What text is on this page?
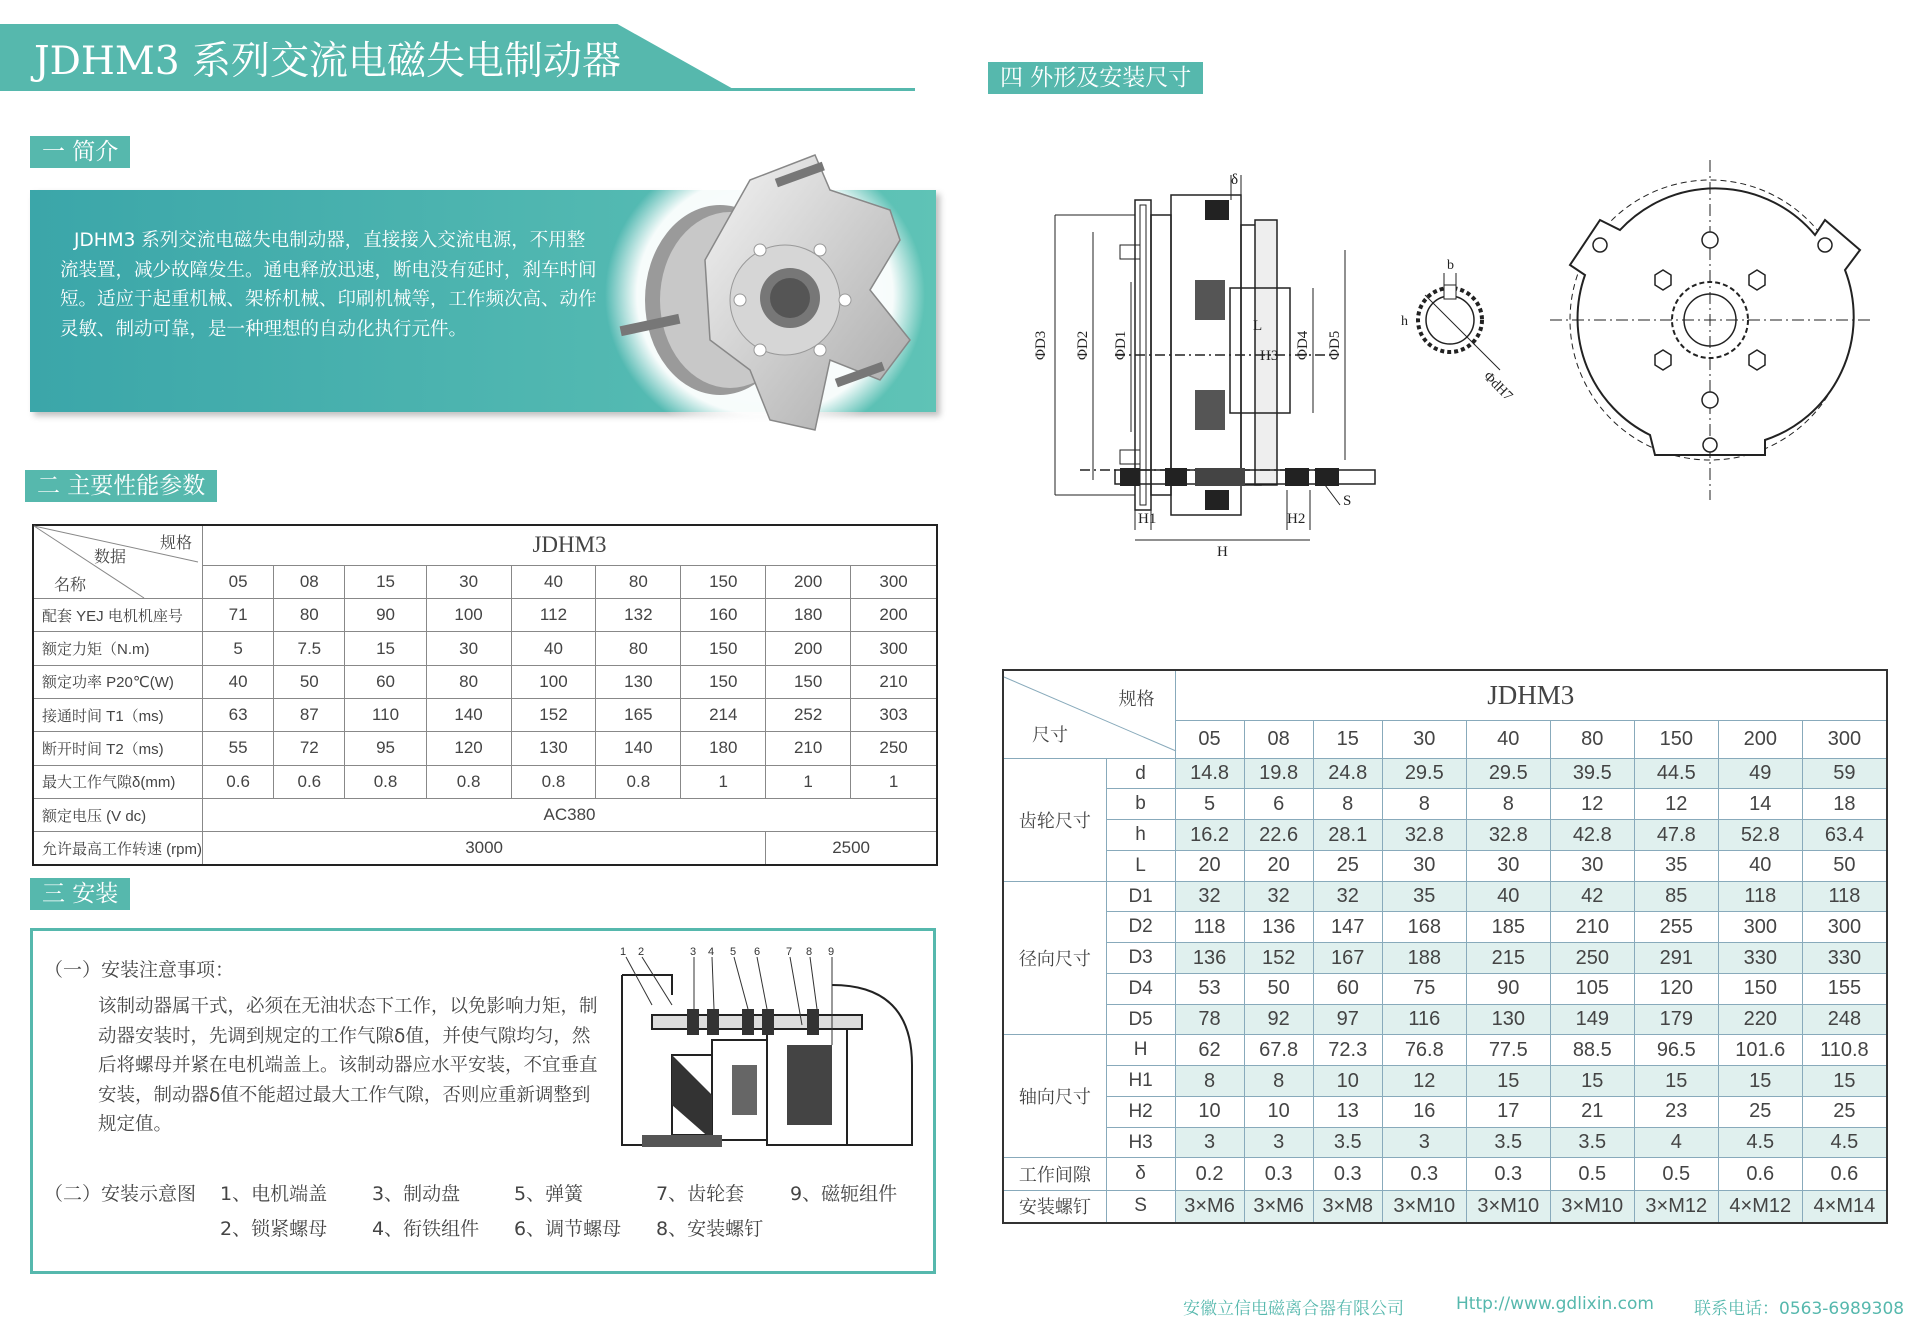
JDHM3 系列交流电磁失电制动器
一 简介
二 主要性能参数
三 安装
四 外形及安装尺寸
JDHM3 系列交流电磁失电制动器，直接接入交流电源，不用整流装置，减少故障发生。通电释放迅速，断电没有延时，刹车时间短。适应于起重机械、架桥机械、印刷机械等，工作频次高、动作灵敏、制动可靠，是一种理想的自动化执行元件。
规格
数据
名称	JDHM3								
	05	08	15	30	40	80	150	200	300
配套 YEJ 电机机座号	71	80	90	100	112	132	160	180	200
额定力矩（N.m)	5	7.5	15	30	40	80	150	200	300
额定功率 P20℃(W)	40	50	60	80	100	130	150	150	210
接通时间 T1（ms)	63	87	110	140	152	165	214	252	303
断开时间 T2（ms)	55	72	95	120	130	140	180	210	250
最大工作气隙δ(mm)	0.6	0.6	0.8	0.8	0.8	0.8	1	1	1
额定电压 (V dc)	AC380								
允许最高工作转速 (rpm)	3000							2500	
（一）安装注意事项：
该制动器属干式，必须在无油状态下工作，以免影响力矩，制动器安装时，先调到规定的工作气隙δ值，并使气隙均匀，然后将螺母并紧在电机端盖上。该制动器应水平安装，不宜垂直安装，制动器δ值不能超过最大工作气隙，否则应重新调整到规定值。
1 2	3 4 5 6 7 8 9
（二）安装示意图 1、电机端盖 3、制动盘	5、弹簧	7、齿轮套 9、磁轭组件
2、锁紧螺母 4、衔铁组件 6、调节螺母 8、安装螺钉
δ
ΦD3 ΦD2 ΦD1	ΦD4 ΦD5
L
H3
H1	H2
H
S
b
h
ΦdH7
规格
尺寸		JDHM3								
		05	08	15	30	40	80	150	200	300
齿轮尺寸	d	14.8	19.8	24.8	29.5	29.5	39.5	44.5	49	59
	b	5	6	8	8	8	12	12	14	18
	h	16.2	22.6	28.1	32.8	32.8	42.8	47.8	52.8	63.4
	L	20	20	25	30	30	30	35	40	50
径向尺寸	D1	32	32	32	35	40	42	85	118	118
	D2	118	136	147	168	185	210	255	300	300
	D3	136	152	167	188	215	250	291	330	330
	D4	53	50	60	75	90	105	120	150	155
	D5	78	92	97	116	130	149	179	220	248
轴向尺寸	H	62	67.8	72.3	76.8	77.5	88.5	96.5	101.6	110.8
	H1	8	8	10	12	15	15	15	15	15
	H2	10	10	13	16	17	21	23	25	25
	H3	3	3	3.5	3	3.5	3.5	4	4.5	4.5
工作间隙	δ	0.2	0.3	0.3	0.3	0.3	0.5	0.5	0.6	0.6
安装螺钉	S	3×M6	3×M6	3×M8	3×M10	3×M10	3×M10	3×M12	4×M12	4×M14
安徽立信电磁离合器有限公司	Http://www.gdlixin.com 联系电话：0563-6989308
